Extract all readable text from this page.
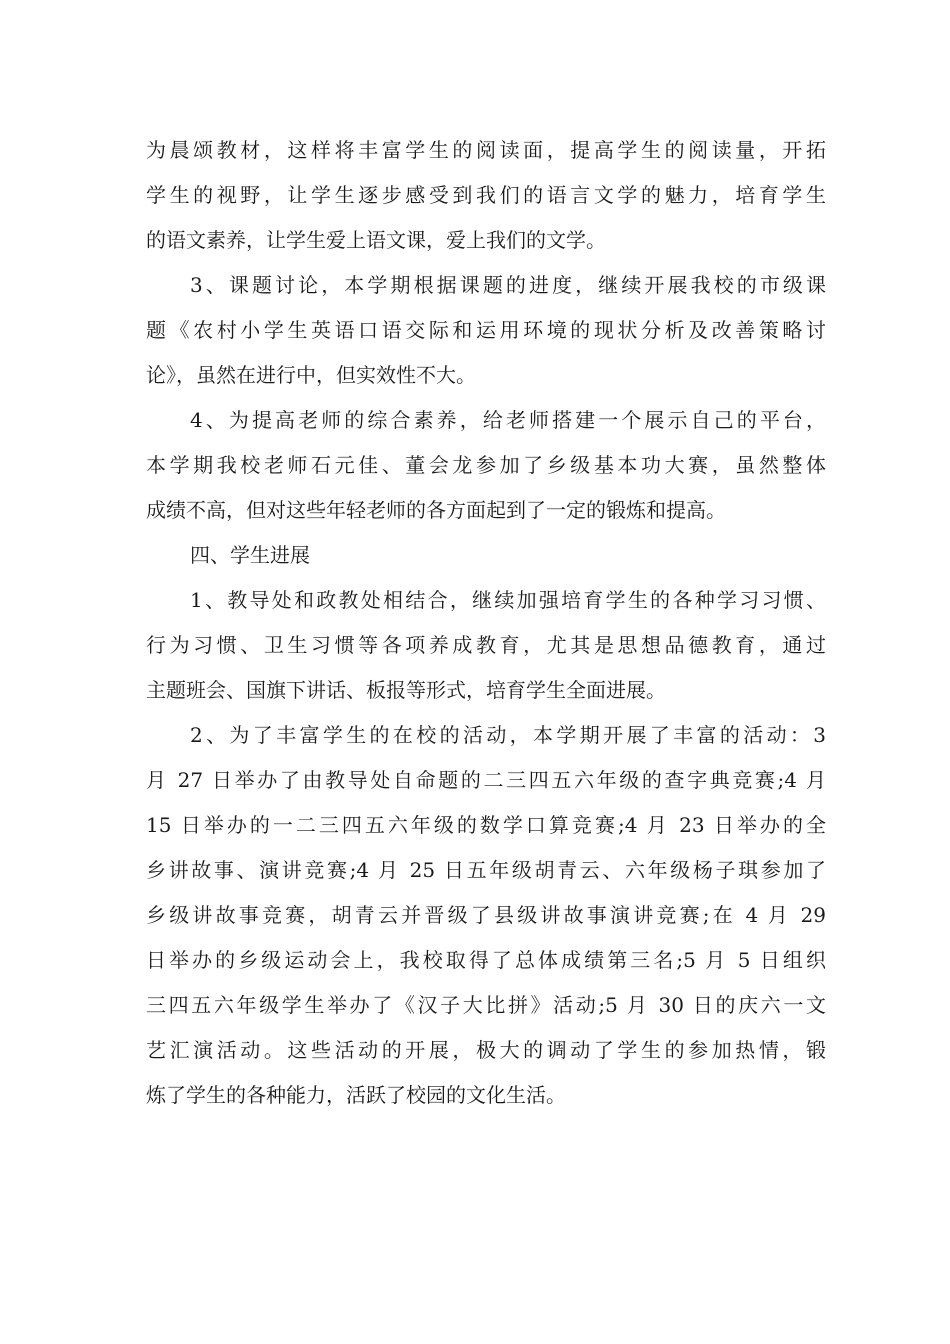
为晨颂教材，这样将丰富学生的阅读面，提高学生的阅读量，开拓
学生的视野，让学生逐步感受到我们的语言文学的魅力，培育学生
的语文素养，让学生爱上语文课，爱上我们的文学。
3、课题讨论，本学期根据课题的进度，继续开展我校的市级课
题《农村小学生英语口语交际和运用环境的现状分析及改善策略讨
论》，虽然在进行中，但实效性不大。
4、为提高老师的综合素养，给老师搭建一个展示自己的平台，
本学期我校老师石元佳、董会龙参加了乡级基本功大赛，虽然整体
成绩不高，但对这些年轻老师的各方面起到了一定的锻炼和提高。
四、学生进展
1、教导处和政教处相结合，继续加强培育学生的各种学习习惯、
行为习惯、卫生习惯等各项养成教育，尤其是思想品德教育，通过
主题班会、国旗下讲话、板报等形式，培育学生全面进展。
2、为了丰富学生的在校的活动，本学期开展了丰富的活动：3
月 27 日举办了由教导处自命题的二三四五六年级的查字典竞赛;4 月
15 日举办的一二三四五六年级的数学口算竞赛;4 月 23 日举办的全
乡讲故事、演讲竞赛;4 月 25 日五年级胡青云、六年级杨子琪参加了
乡级讲故事竞赛，胡青云并晋级了县级讲故事演讲竞赛;在 4 月 29
日举办的乡级运动会上，我校取得了总体成绩第三名;5 月 5 日组织
三四五六年级学生举办了《汉子大比拼》活动;5 月 30 日的庆六一文
艺汇演活动。这些活动的开展，极大的调动了学生的参加热情，锻
炼了学生的各种能力，活跃了校园的文化生活。
